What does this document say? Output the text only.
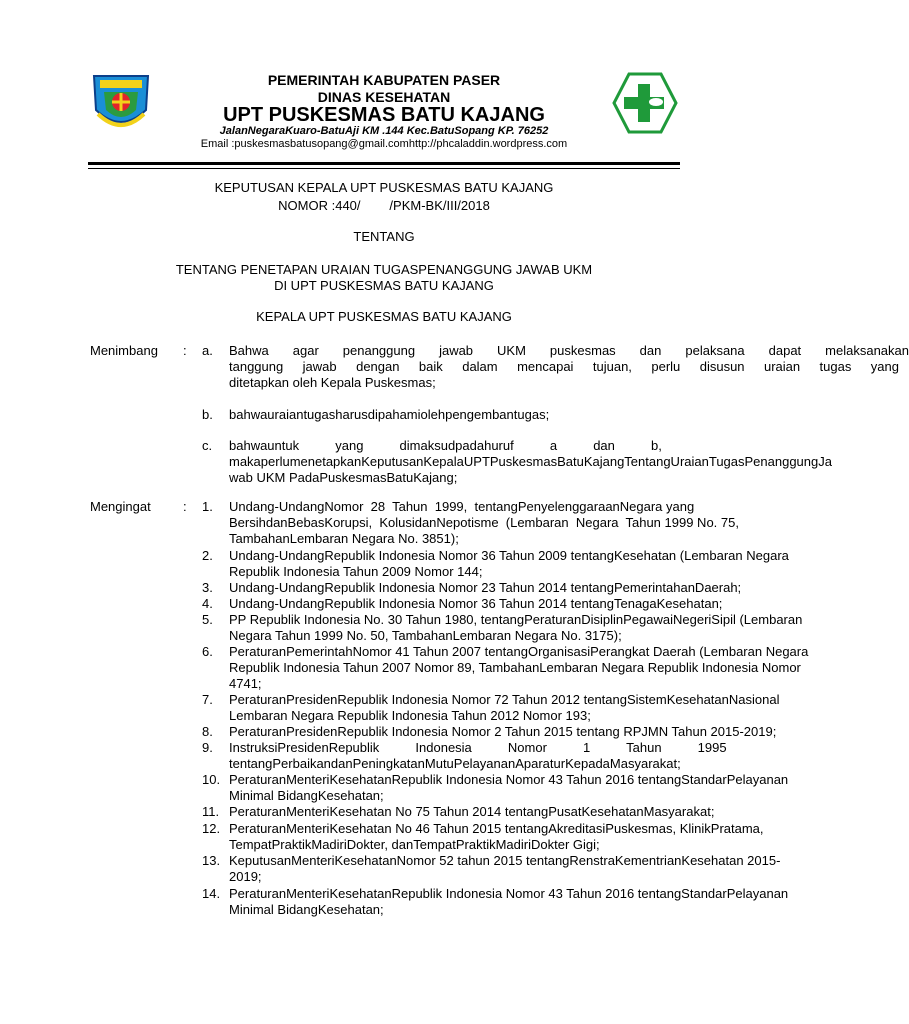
PEMERINTAH KABUPATEN PASER
DINAS KESEHATAN
UPT PUSKESMAS BATU KAJANG
JalanNegaraKuaro-BatuAji KM .144 Kec.BatuSopang KP. 76252
Email :puskesmasbatusopang@gmail.comhttp://phcaladdin.wordpress.com
KEPUTUSAN KEPALA UPT PUSKESMAS BATU KAJANG
NOMOR :440/        /PKM-BK/III/2018
TENTANG
TENTANG PENETAPAN URAIAN TUGASPENANGGUNG JAWAB UKM
DI UPT PUSKESMAS BATU KAJANG
KEPALA UPT PUSKESMAS BATU KAJANG
Menimbang : a. Bahwa agar penanggung jawab UKM puskesmas dan pelaksana dapat melaksanakan
tanggung jawab dengan baik dalam mencapai tujuan, perlu disusun uraian tugas yang
ditetapkan oleh Kepala Puskesmas;
b. bahwauraiantugasharusdipahamiolehpengembantugas;
c. bahwauntuk          yang          dimaksudpadahuruf          a          dan          b,
makaperlumenetapkanKeputusanKepalaUPTPuskesmasBatuKajangTentangUraianTugasPenanggungJa
wab UKM PadaPuskesmasBatuKajang;
Mengingat : 1. Undang-UndangNomor  28  Tahun  1999,  tentangPenyelenggaraanNegara yang
BersihdanBebasKorupsi,  KolusidanNepotisme  (Lembaran  Negara  Tahun 1999 No. 75,
TambahanLembaran Negara No. 3851);
2. Undang-UndangRepublik Indonesia Nomor 36 Tahun 2009 tentangKesehatan (Lembaran Negara
Republik Indonesia Tahun 2009 Nomor 144;
3. Undang-UndangRepublik Indonesia Nomor 23 Tahun 2014 tentangPemerintahanDaerah;
4. Undang-UndangRepublik Indonesia Nomor 36 Tahun 2014 tentangTenagaKesehatan;
5. PP Republik Indonesia No. 30 Tahun 1980, tentangPeraturanDisiplinPegawaiNegeriSipil (Lembaran
Negara Tahun 1999 No. 50, TambahanLembaran Negara No. 3175);
6. PeraturanPemerintahNomor 41 Tahun 2007 tentangOrganisasiPerangkat Daerah (Lembaran Negara
Republik Indonesia Tahun 2007 Nomor 89, TambahanLembaran Negara Republik Indonesia Nomor
4741;
7. PeraturanPresidenRepublik Indonesia Nomor 72 Tahun 2012 tentangSistemKesehatanNasional
Lembaran Negara Republik Indonesia Tahun 2012 Nomor 193;
8. PeraturanPresidenRepublik Indonesia Nomor 2 Tahun 2015 tentang RPJMN Tahun 2015-2019;
9. InstruksiPresidenRepublik          Indonesia          Nomor          1          Tahun          1995
tentangPerbaikandanPeningkatanMutuPelayananAparaturKepadaMasyarakat;
10. PeraturanMenteriKesehatanRepublik Indonesia Nomor 43 Tahun 2016 tentangStandarPelayanan
Minimal BidangKesehatan;
11. PeraturanMenteriKesehatan No 75 Tahun 2014 tentangPusatKesehatanMasyarakat;
12. PeraturanMenteriKesehatan No 46 Tahun 2015 tentangAkreditasiPuskesmas, KlinikPratama,
TempatPraktikMadiriDokter, danTempatPraktikMadiriDokter Gigi;
13. KeputusanMenteriKesehatanNomor 52 tahun 2015 tentangRenstraKementrianKesehatan 2015-
2019;
14. PeraturanMenteriKesehatanRepublik Indonesia Nomor 43 Tahun 2016 tentangStandarPelayanan
Minimal BidangKesehatan;
